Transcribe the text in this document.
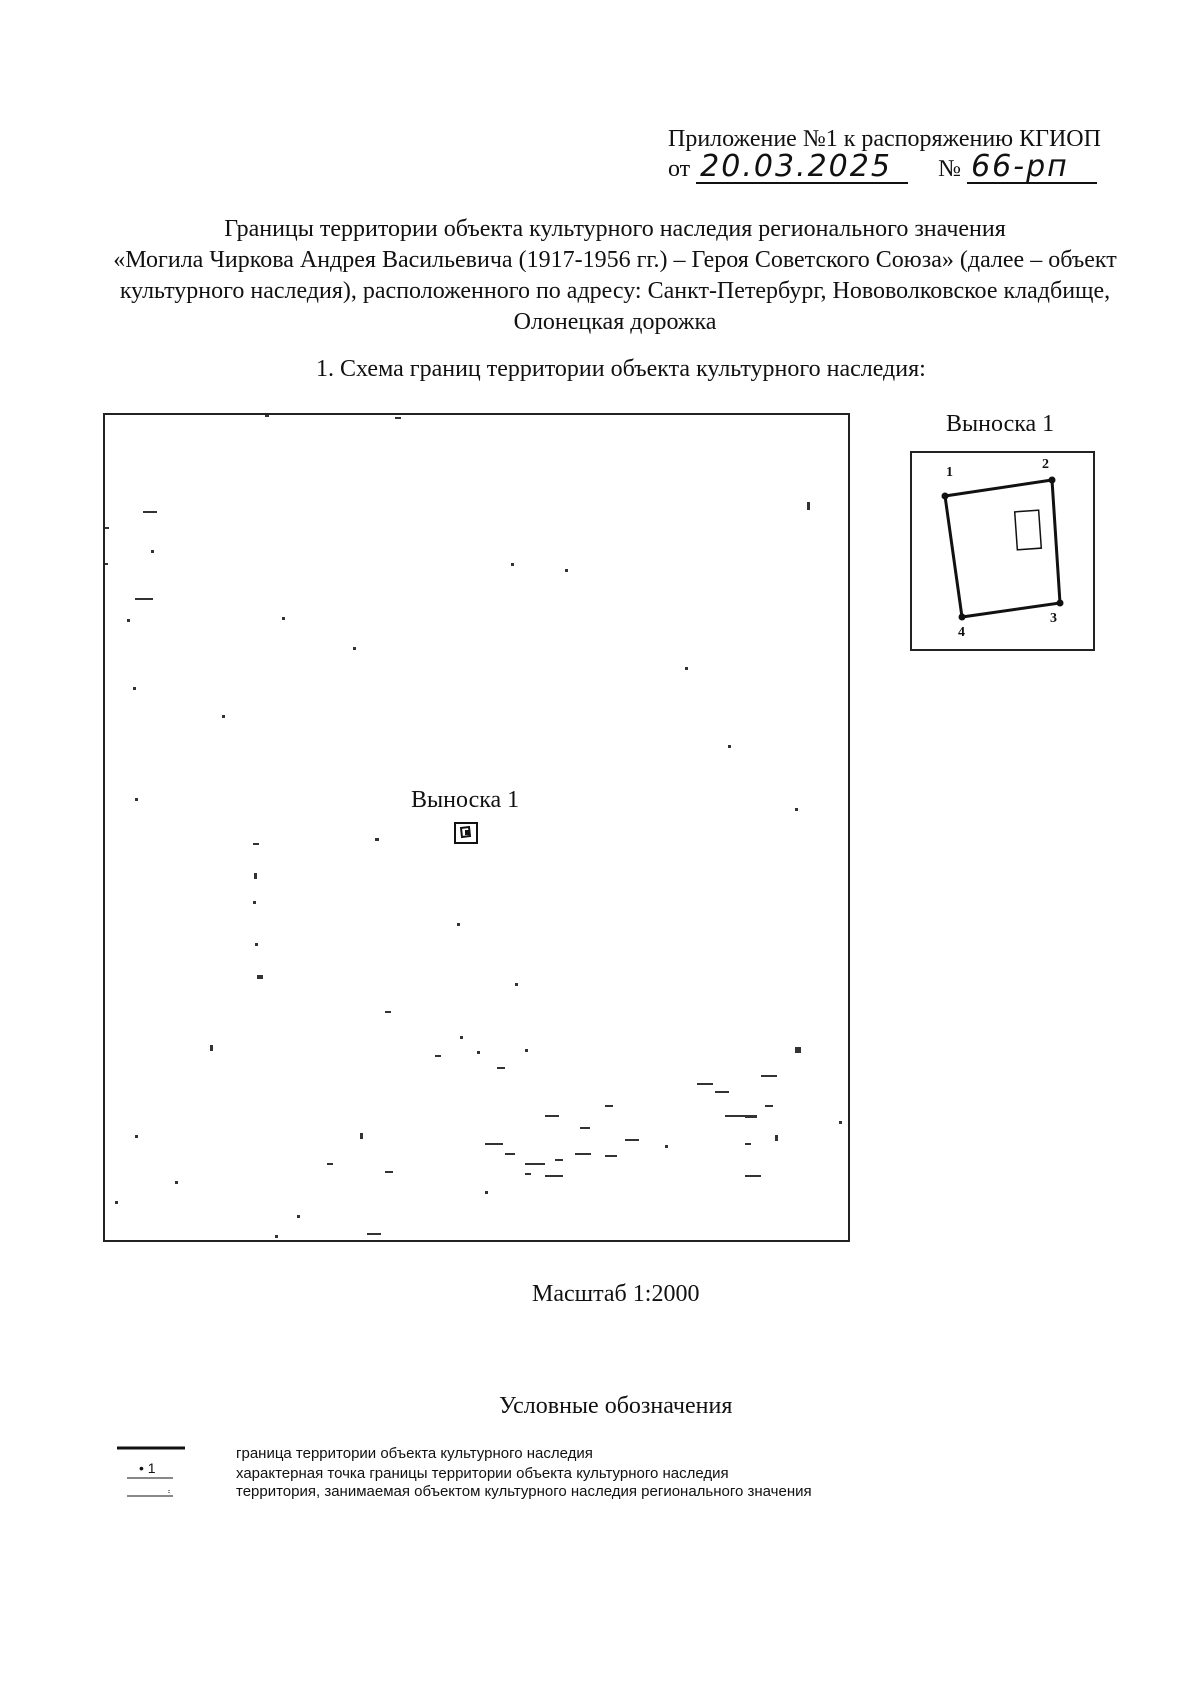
Приложение №1 к распоряжению КГИОП
от 20.03.2025	№ 66-рп
Границы территории объекта культурного наследия регионального значения
«Могила Чиркова Андрея Васильевича (1917-1956 гг.) – Героя Советского Союза» (далее – объект
культурного наследия), расположенного по адресу: Санкт-Петербург, Нововолковское кладбище,
Олонецкая дорожка
1. Схема границ территории объекта культурного наследия:
Выноска 1
Выноска 1
1
2
3
4
Масштаб 1:2000
Условные обозначения
граница территории объекта культурного наследия
• 1	характерная точка границы территории объекта культурного наследия
территория, занимаемая объектом культурного наследия регионального значения
